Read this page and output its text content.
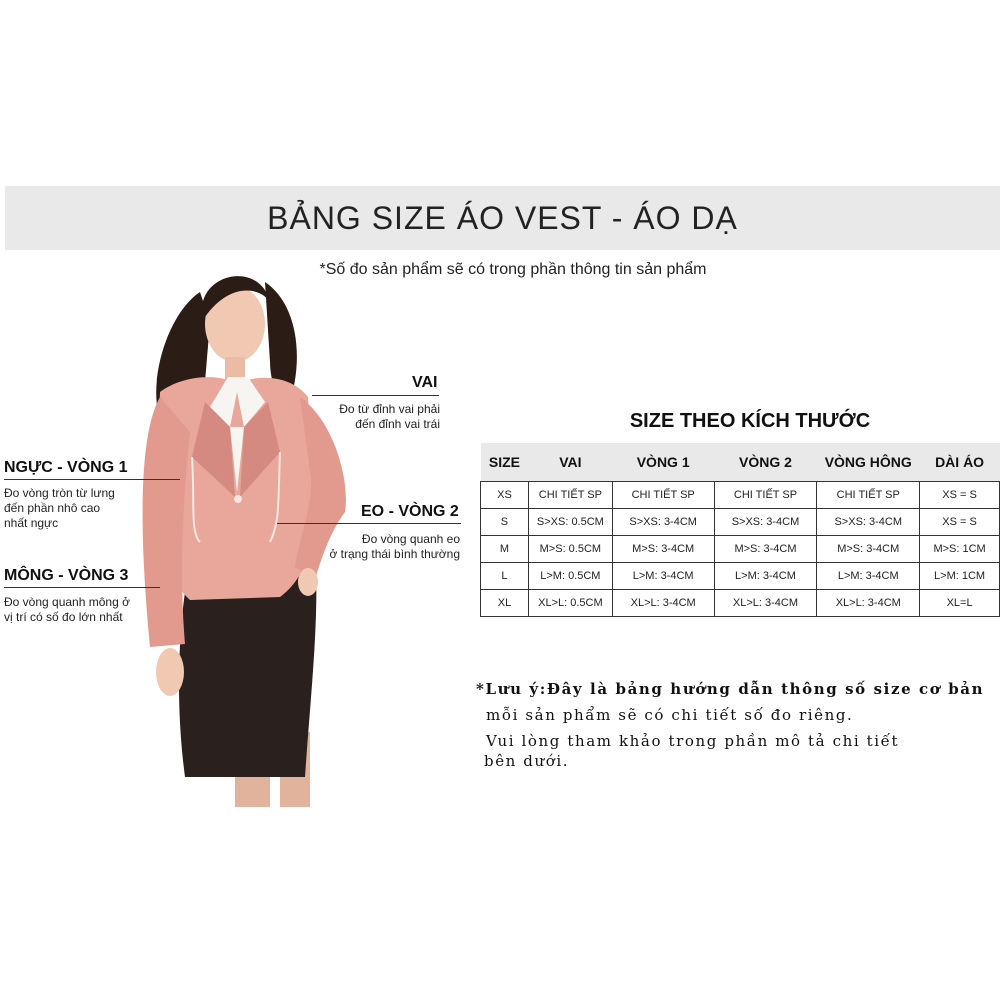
BẢNG SIZE ÁO VEST - ÁO DẠ
*Số đo sản phẩm sẽ có trong phần thông tin sản phẩm
VAI
Đo từ đỉnh vai phải
đến đỉnh vai trái
NGỰC - VÒNG 1
Đo vòng tròn từ lưng
đến phần nhô cao
nhất ngực
EO - VÒNG 2
Đo vòng quanh eo
ở trạng thái bình thường
MÔNG - VÒNG 3
Đo vòng quanh mông ở
vị trí có số đo lớn nhất
SIZE THEO KÍCH THƯỚC
SIZE	VAI	VÒNG 1	VÒNG 2	VÒNG HÔNG	DÀI ÁO
XS	CHI TIẾT SP	CHI TIẾT SP	CHI TIẾT SP	CHI TIẾT SP	XS = S
S	S>XS: 0.5CM	S>XS: 3-4CM	S>XS: 3-4CM	S>XS: 3-4CM	XS = S
M	M>S: 0.5CM	M>S: 3-4CM	M>S: 3-4CM	M>S: 3-4CM	M>S: 1CM
L	L>M: 0.5CM	L>M: 3-4CM	L>M: 3-4CM	L>M: 3-4CM	L>M: 1CM
XL	XL>L: 0.5CM	XL>L: 3-4CM	XL>L: 3-4CM	XL>L: 3-4CM	XL=L
*Lưu ý:Đây là bảng hướng dẫn thông số size cơ bản
mỗi sản phẩm sẽ có chi tiết số đo riêng.
Vui lòng tham khảo trong phần mô tả chi tiết
bên dưới.
